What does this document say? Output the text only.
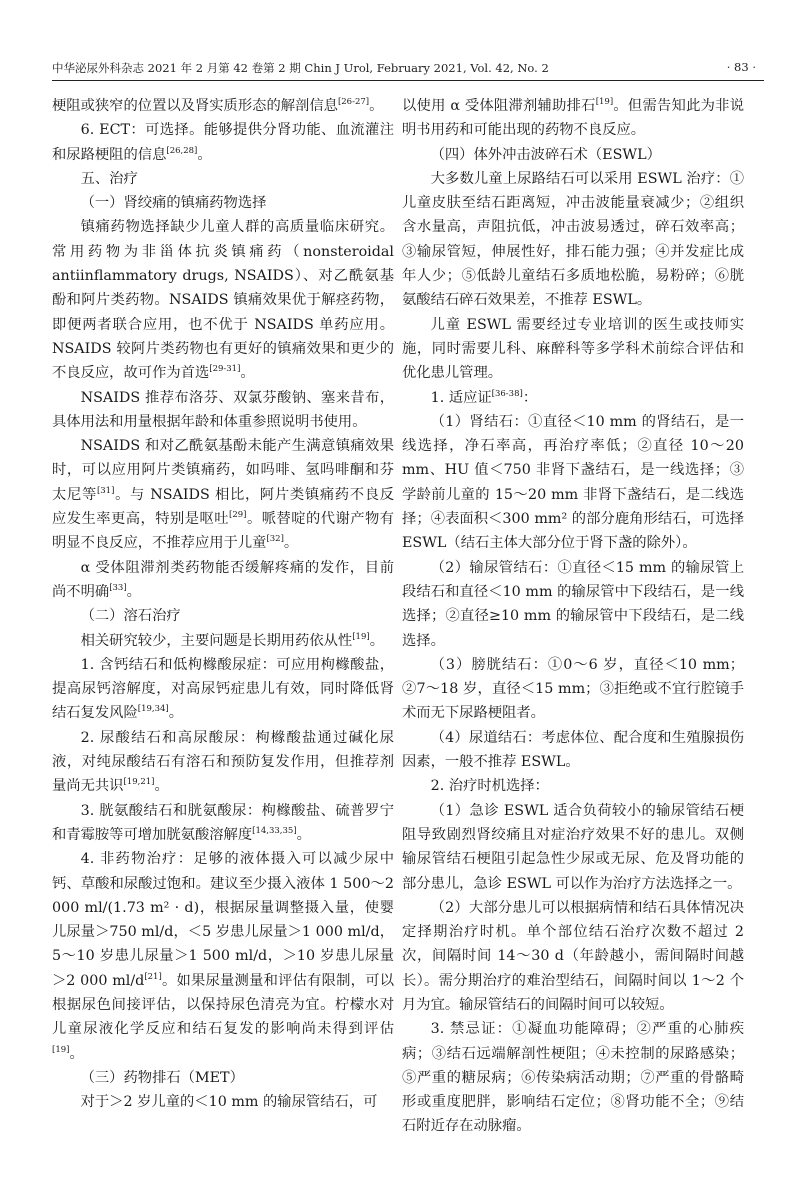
中华泌尿外科杂志 2021 年 2 月第 42 卷第 2 期 Chin J Urol, February 2021, Vol. 42, No. 2	· 83 ·

梗阻或狭窄的位置以及肾实质形态的解剖信息[26-27]。

6. ECT：可选择。能够提供分肾功能、血流灌注和尿路梗阻的信息[26,28]。

五、治疗

（一）肾绞痛的镇痛药物选择

镇痛药物选择缺少儿童人群的高质量临床研究。常用药物为非甾体抗炎镇痛药（nonsteroidal antiinflammatory drugs, NSAIDS）、对乙酰氨基酚和阿片类药物。NSAIDS 镇痛效果优于解痉药物，即便两者联合应用，也不优于 NSAIDS 单药应用。NSAIDS 较阿片类药物也有更好的镇痛效果和更少的不良反应，故可作为首选[29-31]。

NSAIDS 推荐布洛芬、双氯芬酸钠、塞来昔布，具体用法和用量根据年龄和体重参照说明书使用。

NSAIDS 和对乙酰氨基酚未能产生满意镇痛效果时，可以应用阿片类镇痛药，如吗啡、氢吗啡酮和芬太尼等[31]。与 NSAIDS 相比，阿片类镇痛药不良反应发生率更高，特别是呕吐[29]。哌替啶的代谢产物有明显不良反应，不推荐应用于儿童[32]。

α 受体阻滞剂类药物能否缓解疼痛的发作，目前尚不明确[33]。

（二）溶石治疗

相关研究较少，主要问题是长期用药依从性[19]。

1. 含钙结石和低枸橼酸尿症：可应用枸橼酸盐，提高尿钙溶解度，对高尿钙症患儿有效，同时降低肾结石复发风险[19,34]。

2. 尿酸结石和高尿酸尿：枸橼酸盐通过碱化尿液，对纯尿酸结石有溶石和预防复发作用，但推荐剂量尚无共识[19,21]。

3. 胱氨酸结石和胱氨酸尿：枸橼酸盐、硫普罗宁和青霉胺等可增加胱氨酸溶解度[14,33,35]。

4. 非药物治疗：足够的液体摄入可以减少尿中钙、草酸和尿酸过饱和。建议至少摄入液体 1 500～2 000 ml/(1.73 m² · d)，根据尿量调整摄入量，使婴儿尿量＞750 ml/d，＜5 岁患儿尿量＞1 000 ml/d，5～10 岁患儿尿量＞1 500 ml/d，＞10 岁患儿尿量＞2 000 ml/d[21]。如果尿量测量和评估有限制，可以根据尿色间接评估，以保持尿色清亮为宜。柠檬水对儿童尿液化学反应和结石复发的影响尚未得到评估[19]。

（三）药物排石（MET）

对于＞2 岁儿童的＜10 mm 的输尿管结石，可

以使用 α 受体阻滞剂辅助排石[19]。但需告知此为非说明书用药和可能出现的药物不良反应。

（四）体外冲击波碎石术（ESWL）

大多数儿童上尿路结石可以采用 ESWL 治疗：①儿童皮肤至结石距离短，冲击波能量衰减少；②组织含水量高，声阻抗低，冲击波易透过，碎石效率高；③输尿管短，伸展性好，排石能力强；④并发症比成年人少；⑤低龄儿童结石多质地松脆，易粉碎；⑥胱氨酸结石碎石效果差，不推荐 ESWL。

儿童 ESWL 需要经过专业培训的医生或技师实施，同时需要儿科、麻醉科等多学科术前综合评估和优化患儿管理。

1. 适应证[36-38]：

（1）肾结石：①直径＜10 mm 的肾结石，是一线选择，净石率高，再治疗率低；②直径 10～20 mm、HU 值＜750 非肾下盏结石，是一线选择；③学龄前儿童的 15～20 mm 非肾下盏结石，是二线选择；④表面积＜300 mm² 的部分鹿角形结石，可选择 ESWL（结石主体大部分位于肾下盏的除外）。

（2）输尿管结石：①直径＜15 mm 的输尿管上段结石和直径＜10 mm 的输尿管中下段结石，是一线选择；②直径≥10 mm 的输尿管中下段结石，是二线选择。

（3）膀胱结石：①0～6 岁，直径＜10 mm；②7～18 岁，直径＜15 mm；③拒绝或不宜行腔镜手术而无下尿路梗阻者。

（4）尿道结石：考虑体位、配合度和生殖腺损伤因素，一般不推荐 ESWL。

2. 治疗时机选择：

（1）急诊 ESWL 适合负荷较小的输尿管结石梗阻导致剧烈肾绞痛且对症治疗效果不好的患儿。双侧输尿管结石梗阻引起急性少尿或无尿、危及肾功能的部分患儿，急诊 ESWL 可以作为治疗方法选择之一。

（2）大部分患儿可以根据病情和结石具体情况决定择期治疗时机。单个部位结石治疗次数不超过 2 次，间隔时间 14～30 d（年龄越小，需间隔时间越长）。需分期治疗的难治型结石，间隔时间以 1～2 个月为宜。输尿管结石的间隔时间可以较短。

3. 禁忌证：①凝血功能障碍；②严重的心肺疾病；③结石远端解剖性梗阻；④未控制的尿路感染；⑤严重的糖尿病；⑥传染病活动期；⑦严重的骨骼畸形或重度肥胖，影响结石定位；⑧肾功能不全；⑨结石附近存在动脉瘤。
